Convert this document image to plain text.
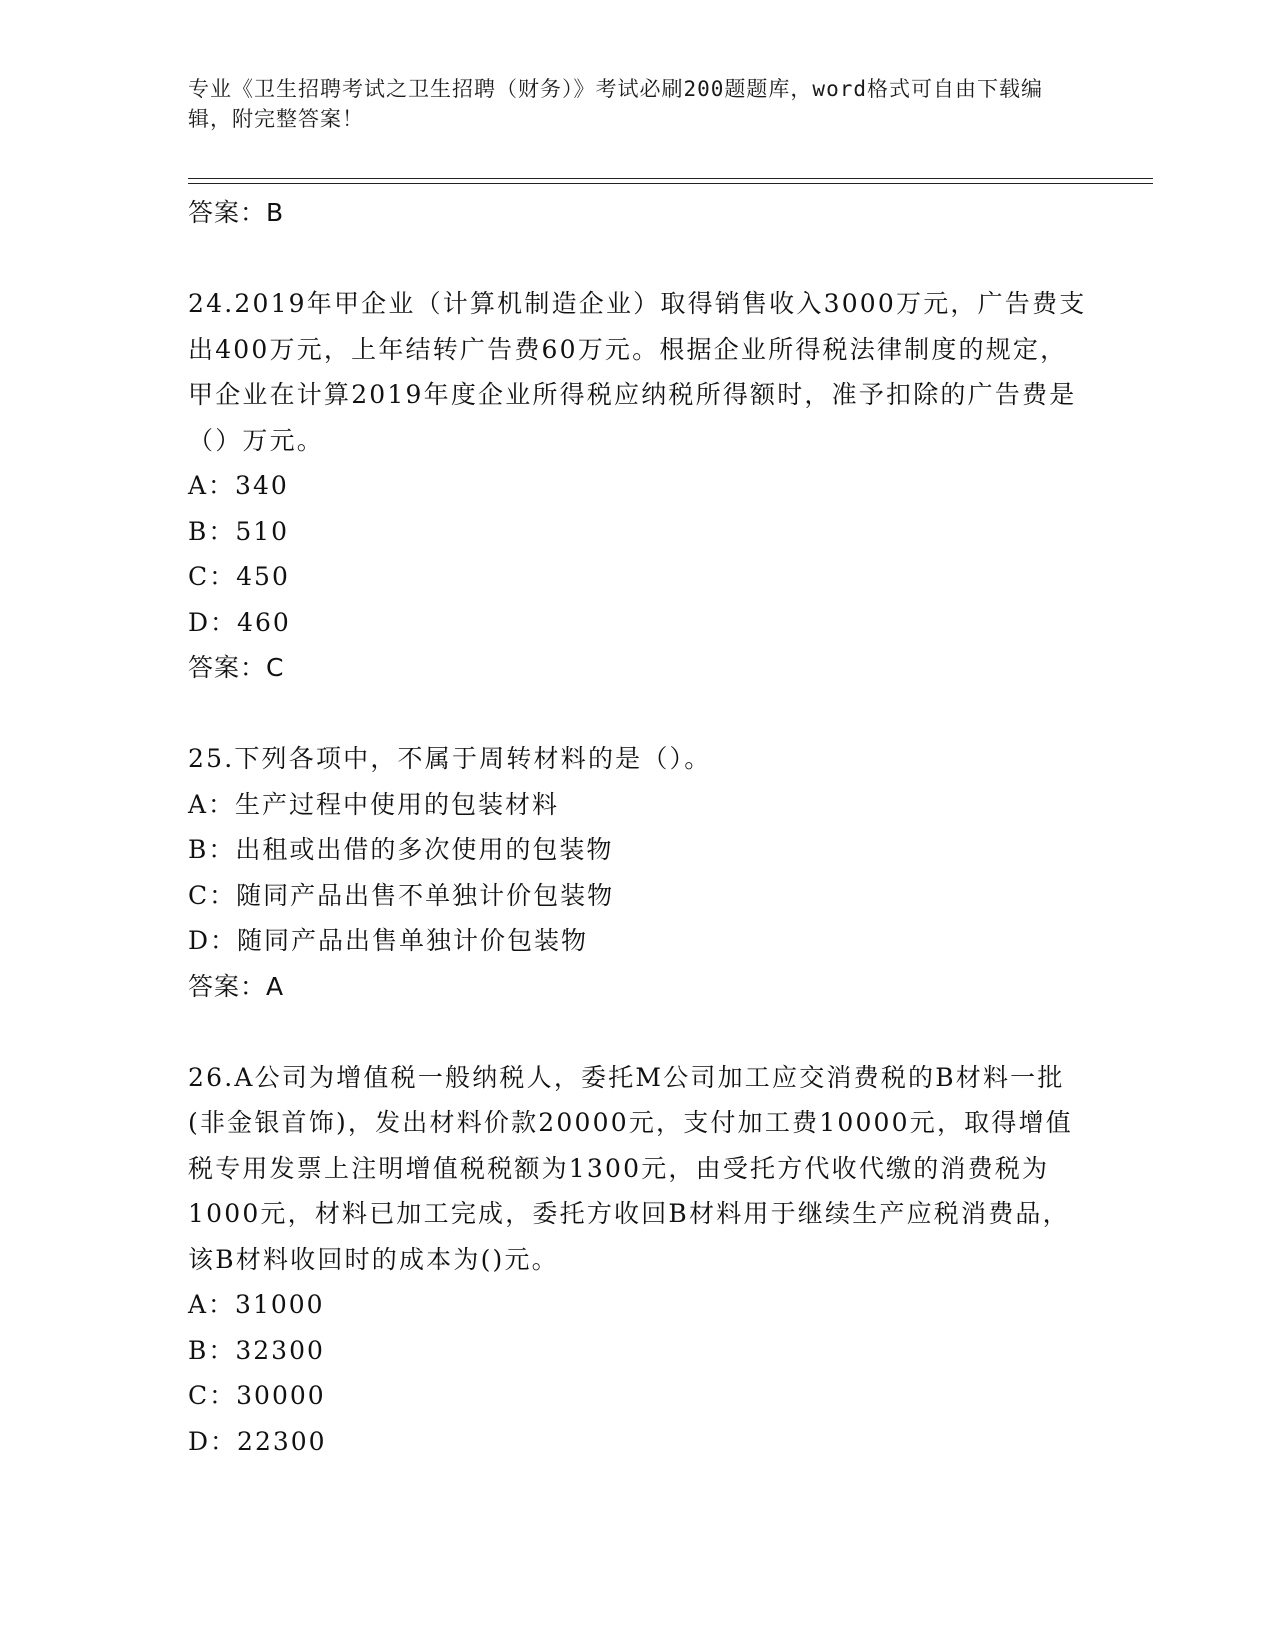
专业《卫生招聘考试之卫生招聘（财务）》考试必刷200题题库，word格式可自由下载编辑，附完整答案！
答案：B
24.2019年甲企业（计算机制造企业）取得销售收入3000万元，广告费支出400万元，上年结转广告费60万元。根据企业所得税法律制度的规定，甲企业在计算2019年度企业所得税应纳税所得额时，准予扣除的广告费是（）万元。
A：340
B：510
C：450
D：460
答案：C
25.下列各项中，不属于周转材料的是（）。
A：生产过程中使用的包装材料
B：出租或出借的多次使用的包装物
C：随同产品出售不单独计价包装物
D：随同产品出售单独计价包装物
答案：A
26.A公司为增值税一般纳税人，委托M公司加工应交消费税的B材料一批(非金银首饰)，发出材料价款20000元，支付加工费10000元，取得增值税专用发票上注明增值税税额为1300元，由受托方代收代缴的消费税为1000元，材料已加工完成，委托方收回B材料用于继续生产应税消费品，该B材料收回时的成本为()元。
A：31000
B：32300
C：30000
D：22300
